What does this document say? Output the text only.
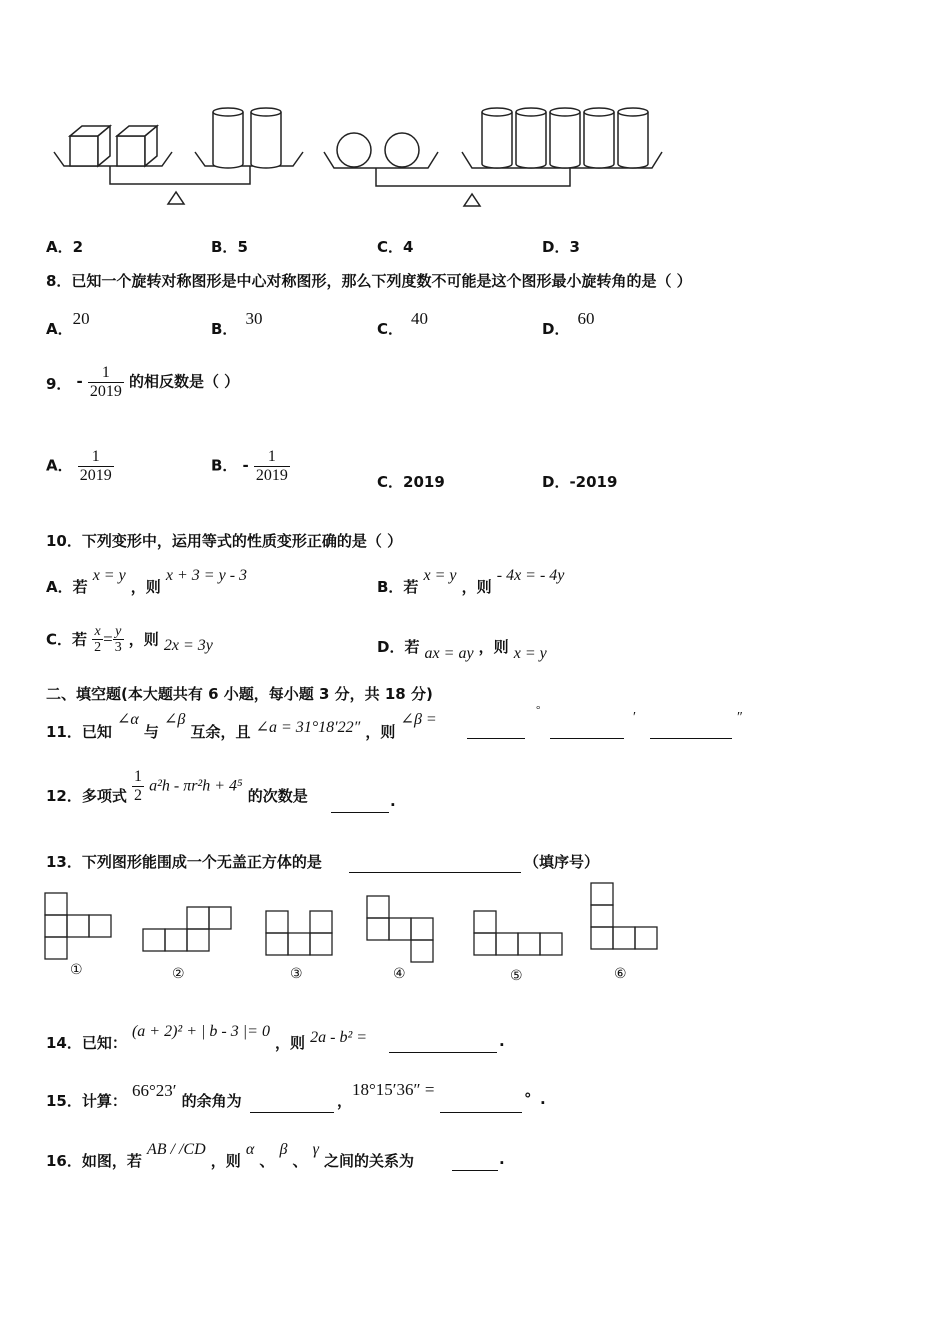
A．2	B．5	C．4	D．3
8．已知一个旋转对称图形是中心对称图形，那么下列度数不可能是这个图形最小旋转角的是（ ）
A．20
B．30
C．40
D．60
9． - $\frac{1}{2019}$ 的相反数是（ ）
A． $\frac{1}{2019}$	B． - $\frac{1}{2019}$	C．2019	D．-2019
10．下列变形中，运用等式的性质变形正确的是（ ）
A．若 x = y ，则 x + 3 = y - 3
B．若 x = y ，则 - 4x = - 4y
C．若 $\frac{x}{2} = \frac{y}{3}$ ，则 2x = 3y	D．若 ax = ay ，则 x = y
二、填空题(本大题共有 6 小题，每小题 3 分，共 18 分)
11．已知 ∠α 与 ∠β 互余，且 ∠a = 31°18′22″ ，则 ∠β =
°	′	″
12．多项式 $\frac{1}{2} a^2h - \pi r^2h + 4^5$ 的次数是	.
13．下列图形能围成一个无盖正方体的是	（填序号）
①	②	③	④	⑤	⑥
14．已知： (a + 2)² + | b - 3 |= 0 ，则 2a - b² =	.
15．计算： 66°23′ 的余角为	，
18°15′36″ =	° .
16．如图，若 AB / /CD ，则 α 、 β 、 γ 之间的关系为	.
